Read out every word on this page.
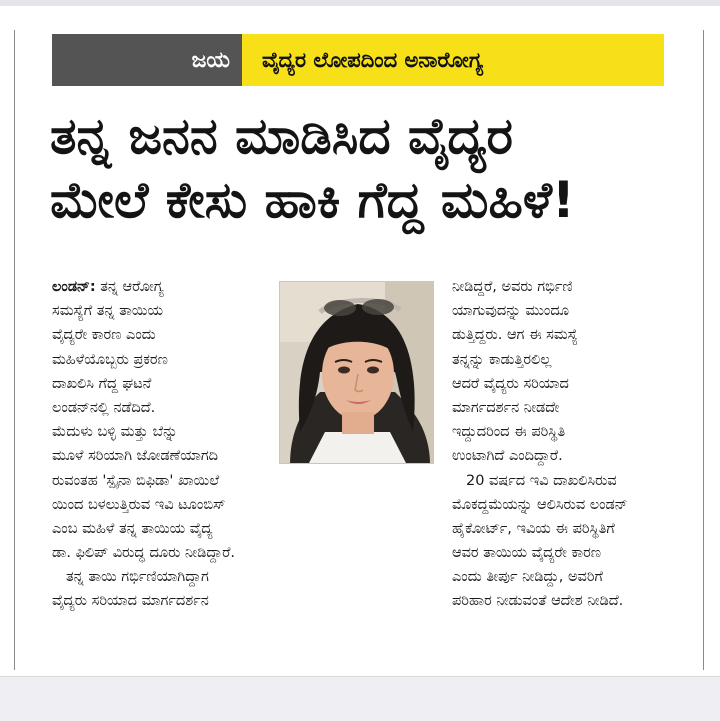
ಜಯ	ವೈದ್ಯರ ಲೋಪದಿಂದ ಅನಾರೋಗ್ಯ
ತನ್ನ ಜನನ ಮಾಡಿಸಿದ ವೈದ್ಯರ
ಮೇಲೆ ಕೇಸು ಹಾಕಿ ಗೆದ್ದ ಮಹಿಳೆ!
ಲಂಡನ್: ತನ್ನ ಆರೋಗ್ಯ
ಸಮಸ್ಯೆಗೆ ತನ್ನ ತಾಯಿಯ
ವೈದ್ಯರೇ ಕಾರಣ ಎಂದು
ಮಹಿಳೆಯೊಬ್ಬರು ಪ್ರಕರಣ
ದಾಖಲಿಸಿ ಗೆದ್ದ ಘಟನೆ
ಲಂಡನ್‌ನಲ್ಲಿ ನಡೆದಿದೆ.
ಮೆದುಳು ಬಳ್ಳಿ ಮತ್ತು ಬೆನ್ನು
ಮೂಳೆ ಸರಿಯಾಗಿ ಜೋಡಣೆಯಾಗದಿ
ರುವಂತಹ 'ಸ್ಪೈನಾ ಬಿಫಿಡಾ' ಖಾಯಿಲೆ
ಯಿಂದ ಬಳಲುತ್ತಿರುವ ಇವಿ ಟೂಂಬಿಸ್
ಎಂಬ ಮಹಿಳೆ ತನ್ನ ತಾಯಿಯ ವೈದ್ಯ
ಡಾ. ಫಿಲಿಪ್ ವಿರುದ್ಧ ದೂರು ನೀಡಿದ್ದಾರೆ.
ತನ್ನ ತಾಯಿ ಗರ್ಭಿಣಿಯಾಗಿದ್ದಾಗ
ವೈದ್ಯರು ಸರಿಯಾದ ಮಾರ್ಗದರ್ಶನ
ನೀಡಿದ್ದರೆ, ಅವರು ಗರ್ಭಿಣಿ
ಯಾಗುವುದನ್ನು ಮುಂದೂ
ಡುತ್ತಿದ್ದರು. ಆಗ ಈ ಸಮಸ್ಯೆ
ತನ್ನನ್ನು ಕಾಡುತ್ತಿರಲಿಲ್ಲ
ಆದರೆ ವೈದ್ಯರು ಸರಿಯಾದ
ಮಾರ್ಗದರ್ಶನ ನೀಡದೇ
ಇದ್ದುದರಿಂದ ಈ ಪರಿಸ್ಥಿತಿ
ಉಂಟಾಗಿದೆ ಎಂದಿದ್ದಾರೆ.
20 ವರ್ಷದ ಇವಿ ದಾಖಲಿಸಿರುವ
ಮೊಕದ್ದಮೆಯನ್ನು ಆಲಿಸಿರುವ ಲಂಡನ್
ಹೈಕೋರ್ಟ್, ಇವಿಯ ಈ ಪರಿಸ್ಥಿತಿಗೆ
ಆವರ ತಾಯಿಯ ವೈದ್ಯರೇ ಕಾರಣ
ಎಂದು ತೀರ್ಪು ನೀಡಿದ್ದು, ಅವರಿಗೆ
ಪರಿಹಾರ ನೀಡುವಂತೆ ಆದೇಶ ನೀಡಿದೆ.
